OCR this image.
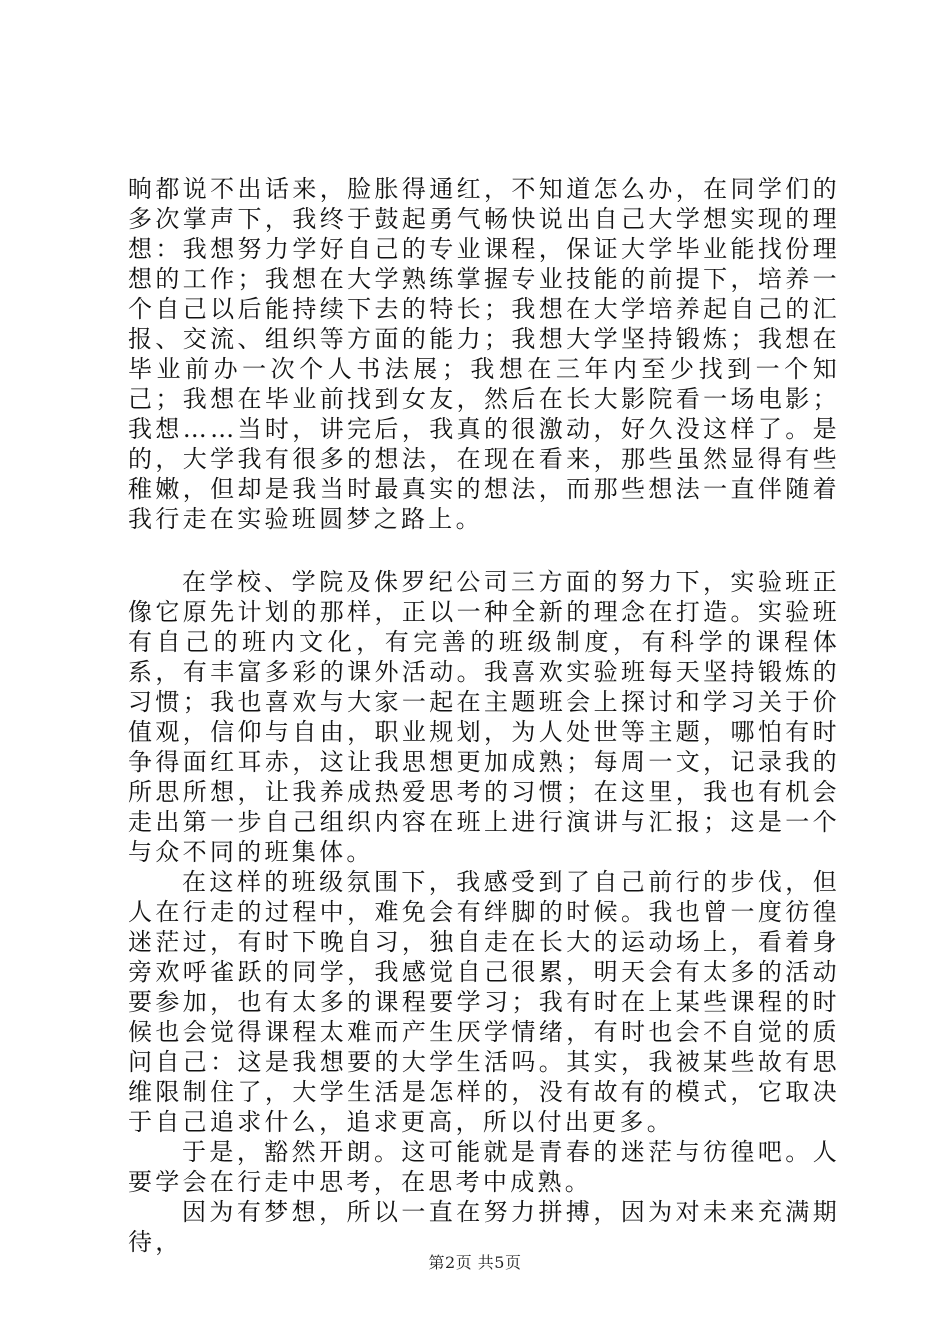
晌都说不出话来，脸胀得通红，不知道怎么办，在同学们的多次掌声下，我终于鼓起勇气畅快说出自己大学想实现的理想：我想努力学好自己的专业课程，保证大学毕业能找份理想的工作；我想在大学熟练掌握专业技能的前提下，培养一个自己以后能持续下去的特长；我想在大学培养起自己的汇报、交流、组织等方面的能力；我想大学坚持锻炼；我想在毕业前办一次个人书法展；我想在三年内至少找到一个知己；我想在毕业前找到女友，然后在长大影院看一场电影；我想……当时，讲完后，我真的很激动，好久没这样了。是的，大学我有很多的想法，在现在看来，那些虽然显得有些稚嫩，但却是我当时最真实的想法，而那些想法一直伴随着我行走在实验班圆梦之路上。

在学校、学院及侏罗纪公司三方面的努力下，实验班正像它原先计划的那样，正以一种全新的理念在打造。实验班有自己的班内文化，有完善的班级制度，有科学的课程体系，有丰富多彩的课外活动。我喜欢实验班每天坚持锻炼的习惯；我也喜欢与大家一起在主题班会上探讨和学习关于价值观，信仰与自由，职业规划，为人处世等主题，哪怕有时争得面红耳赤，这让我思想更加成熟；每周一文，记录我的所思所想，让我养成热爱思考的习惯；在这里，我也有机会走出第一步自己组织内容在班上进行演讲与汇报；这是一个与众不同的班集体。

在这样的班级氛围下，我感受到了自己前行的步伐，但人在行走的过程中，难免会有绊脚的时候。我也曾一度彷徨迷茫过，有时下晚自习，独自走在长大的运动场上，看着身旁欢呼雀跃的同学，我感觉自己很累，明天会有太多的活动要参加，也有太多的课程要学习；我有时在上某些课程的时候也会觉得课程太难而产生厌学情绪，有时也会不自觉的质问自己：这是我想要的大学生活吗。其实，我被某些故有思维限制住了，大学生活是怎样的，没有故有的模式，它取决于自己追求什么，追求更高，所以付出更多。

于是，豁然开朗。这可能就是青春的迷茫与彷徨吧。人要学会在行走中思考，在思考中成熟。

因为有梦想，所以一直在努力拼搏，因为对未来充满期待，

第2页 共5页
